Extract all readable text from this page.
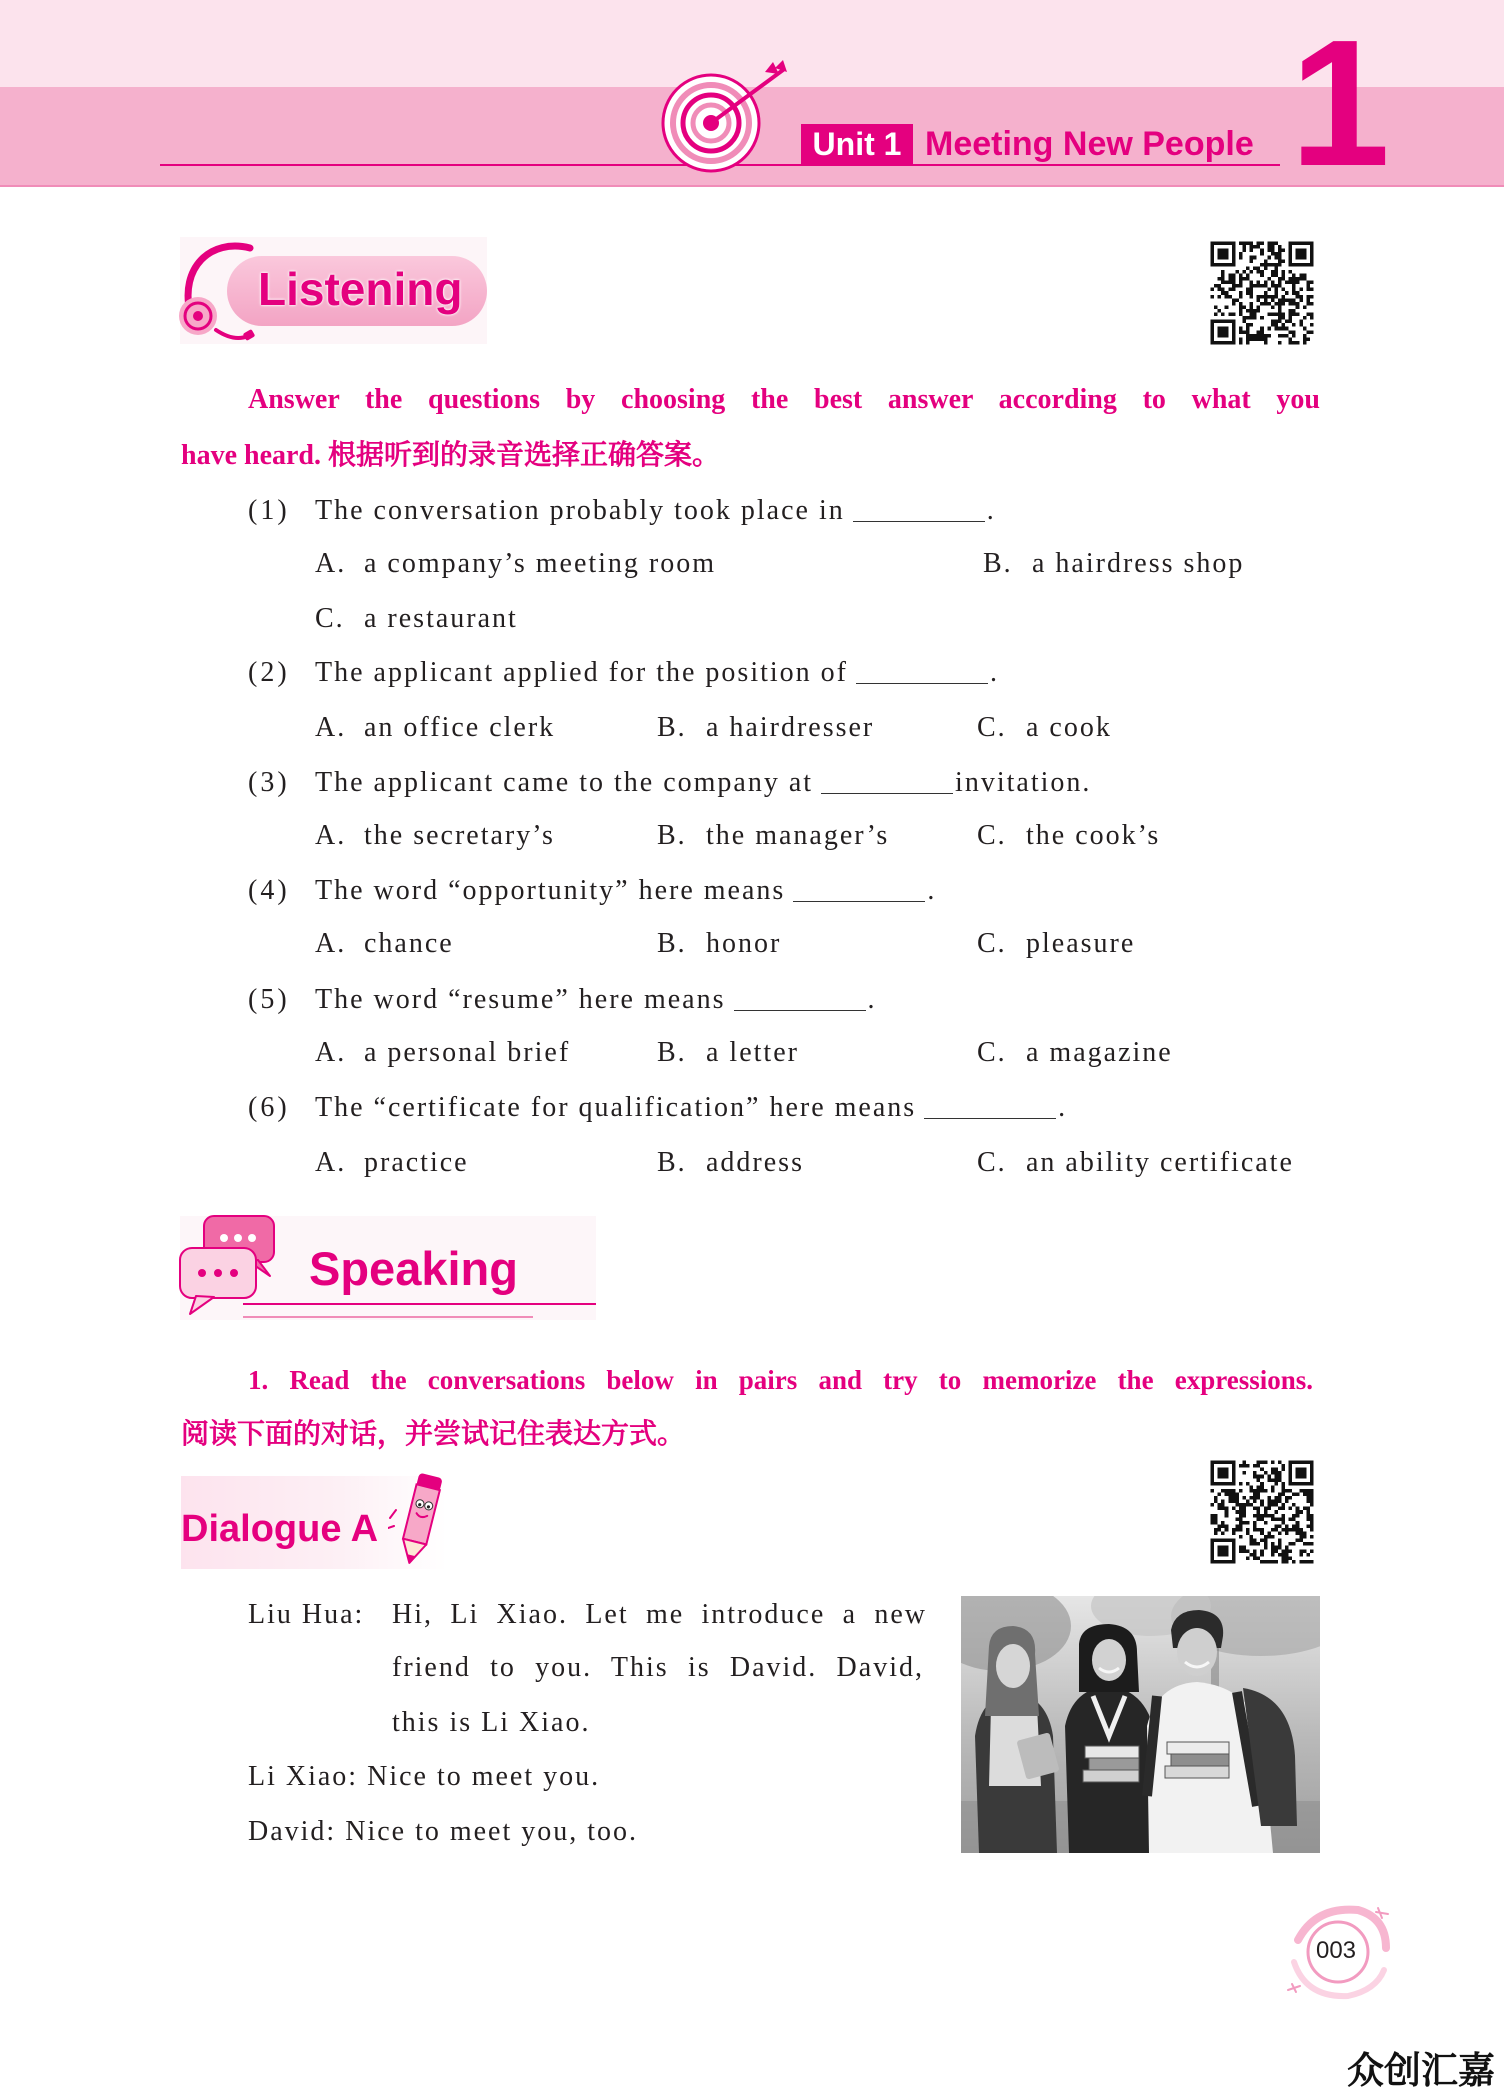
Unit 1 Meeting New People 1
Listening
Answer the questions by choosing the best answer according to what you
have heard. 根据听到的录音选择正确答案。
(1) The conversation probably took place in	.
A. a company’s meeting room	B. a hairdress shop
C. a restaurant
(2) The applicant applied for the position of	.
A. an office clerk	B. a hairdresser	C. a cook
(3) The applicant came to the company at	invitation.
A. the secretary’s	B. the manager’s	C. the cook’s
(4) The word “opportunity” here means	.
A. chance	B. honor	C. pleasure
(5) The word “resume” here means	.
A. a personal brief	B. a letter	C. a magazine
(6) The “certificate for qualification” here means	.
A. practice	B. address	C. an ability certificate
Speaking
1. Read the conversations below in pairs and try to memorize the expressions.
阅读下面的对话，并尝试记住表达方式。
Dialogue A
Liu Hua: Hi, Li Xiao. Let me introduce a new
friend to you. This is David. David,
this is Li Xiao.
Li Xiao: Nice to meet you.
David: Nice to meet you, too.
003
众创汇嘉
